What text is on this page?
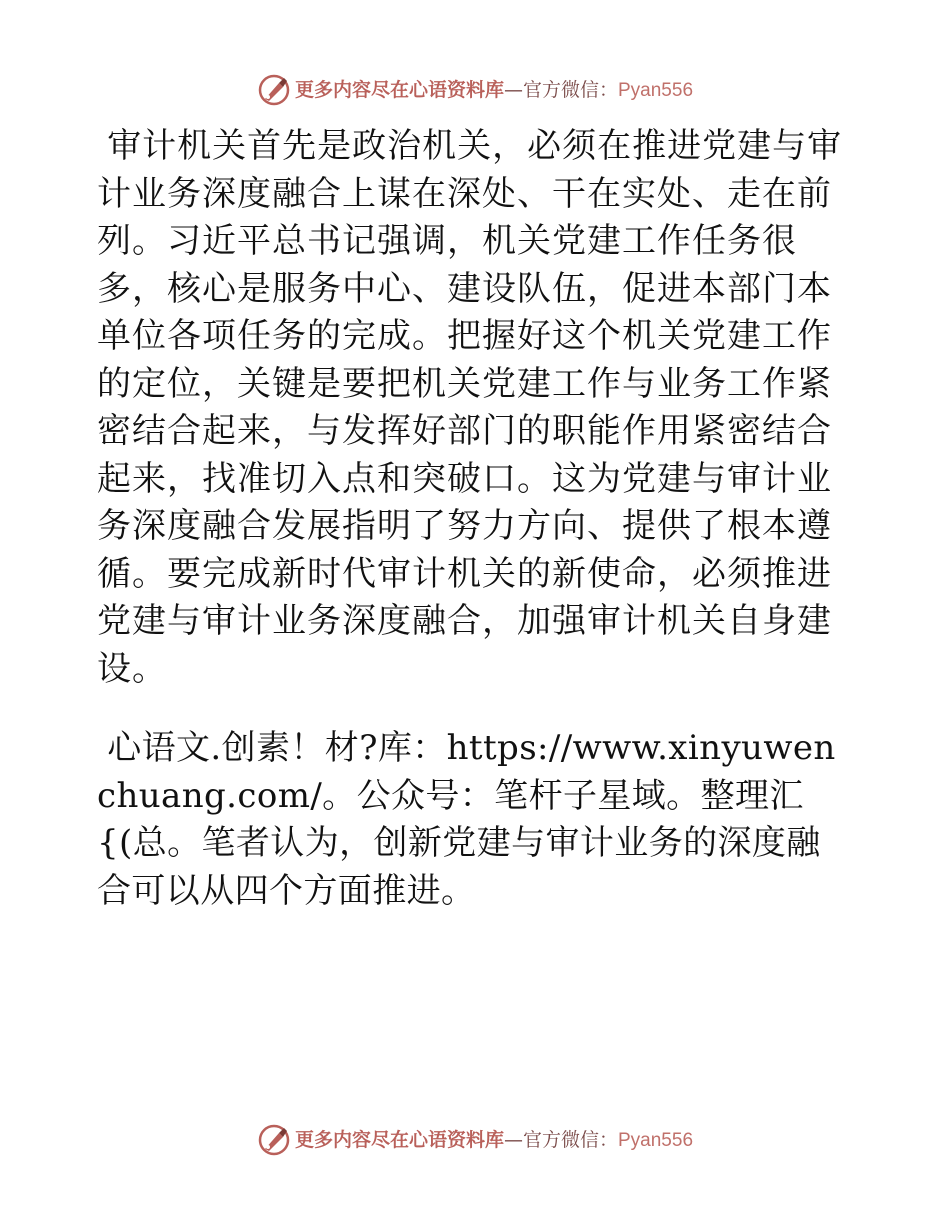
更多内容尽在心语资料库—官方微信：Pyan556

审计机关首先是政治机关，必须在推进党建与审计业务深度融合上谋在深处、干在实处、走在前列。习近平总书记强调，机关党建工作任务很多，核心是服务中心、建设队伍，促进本部门本单位各项任务的完成。把握好这个机关党建工作的定位，关键是要把机关党建工作与业务工作紧密结合起来，与发挥好部门的职能作用紧密结合起来，找准切入点和突破口。这为党建与审计业务深度融合发展指明了努力方向、提供了根本遵循。要完成新时代审计机关的新使命，必须推进党建与审计业务深度融合，加强审计机关自身建设。

心语文.创素！材?库：https://www.xinyuwenchuang.com/。公众号：笔杆子星域。整理汇{(总。笔者认为，创新党建与审计业务的深度融合可以从四个方面推进。

更多内容尽在心语资料库—官方微信：Pyan556
